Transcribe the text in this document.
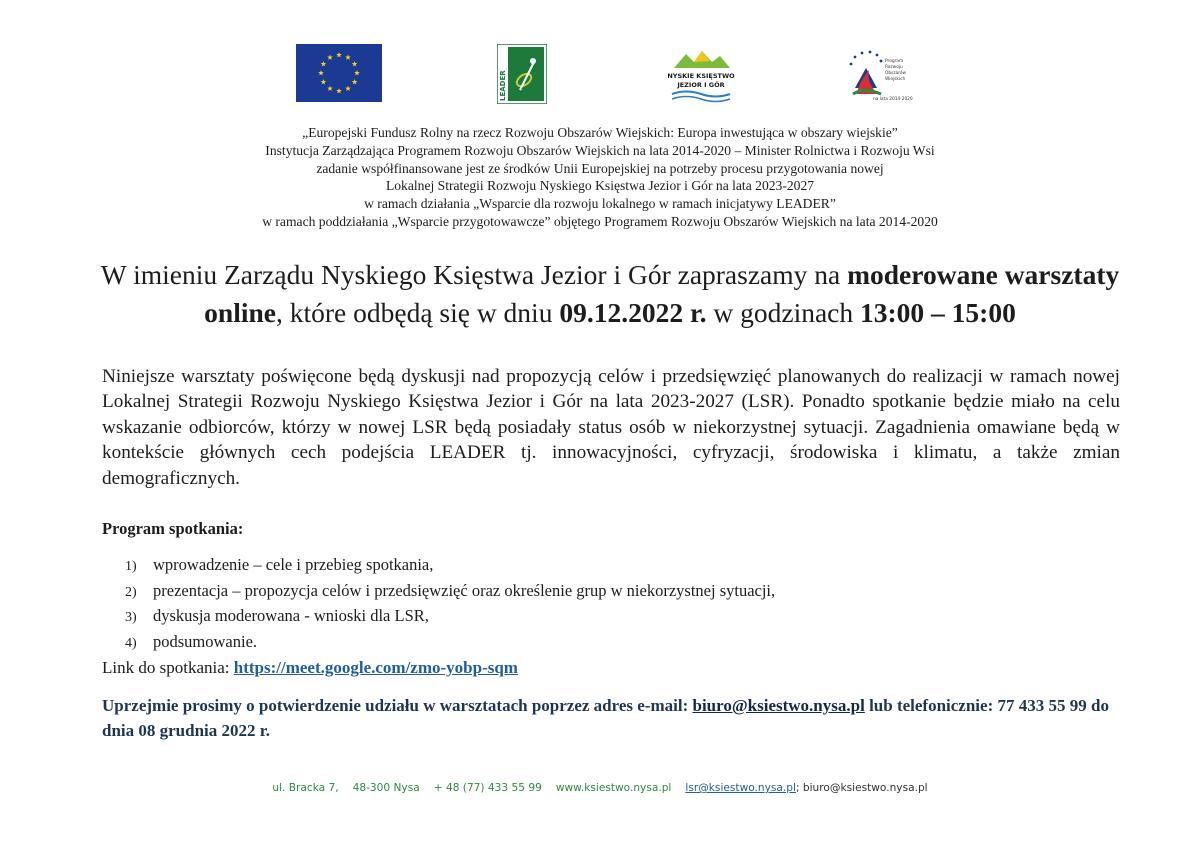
LEADER	NYSKIE KSIĘSTWO
JEZIOR I GÓR
Program
Rozwoju
Obszarów
Wiejskich
na lata 2014-2020
„Europejski Fundusz Rolny na rzecz Rozwoju Obszarów Wiejskich: Europa inwestująca w obszary wiejskie”
Instytucja Zarządzająca Programem Rozwoju Obszarów Wiejskich na lata 2014-2020 – Minister Rolnictwa i Rozwoju Wsi
zadanie współfinansowane jest ze środków Unii Europejskiej na potrzeby procesu przygotowania nowej
Lokalnej Strategii Rozwoju Nyskiego Księstwa Jezior i Gór na lata 2023-2027
w ramach działania „Wsparcie dla rozwoju lokalnego w ramach inicjatywy LEADER”
w ramach poddziałania „Wsparcie przygotowawcze” objętego Programem Rozwoju Obszarów Wiejskich na lata 2014-2020
W imieniu Zarządu Nyskiego Księstwa Jezior i Gór zapraszamy na moderowane warsztaty online, które odbędą się w dniu 09.12.2022 r. w godzinach 13:00 – 15:00
Niniejsze warsztaty poświęcone będą dyskusji nad propozycją celów i przedsięwzięć planowanych do realizacji w ramach nowej Lokalnej Strategii Rozwoju Nyskiego Księstwa Jezior i Gór na lata 2023-2027 (LSR). Ponadto spotkanie będzie miało na celu wskazanie odbiorców, którzy w nowej LSR będą posiadały status osób w niekorzystnej sytuacji. Zagadnienia omawiane będą w kontekście głównych cech podejścia LEADER tj. innowacyjności, cyfryzacji, środowiska i klimatu, a także zmian demograficznych.
Program spotkania:
1) wprowadzenie – cele i przebieg spotkania,
2) prezentacja – propozycja celów i przedsięwzięć oraz określenie grup w niekorzystnej sytuacji,
3) dyskusja moderowana - wnioski dla LSR,
4) podsumowanie.
Link do spotkania: https://meet.google.com/zmo-yobp-sqm
Uprzejmie prosimy o potwierdzenie udziału w warsztatach poprzez adres e-mail: biuro@ksiestwo.nysa.pl lub telefonicznie: 77 433 55 99 do dnia 08 grudnia 2022 r.
ul. Bracka 7, 48-300 Nysa + 48 (77) 433 55 99 www.ksiestwo.nysa.pl lsr@ksiestwo.nysa.pl; biuro@ksiestwo.nysa.pl
